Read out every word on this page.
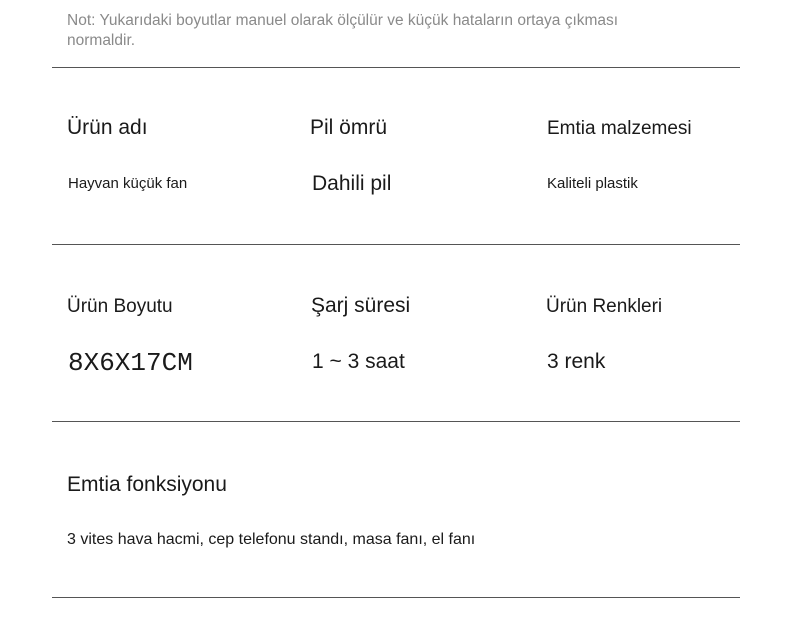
Not: Yukarıdaki boyutlar manuel olarak ölçülür ve küçük hataların ortaya çıkması normaldir.
Ürün adı
Hayvan küçük fan
Pil ömrü
Dahili pil
Emtia malzemesi
Kaliteli plastik
Ürün Boyutu
8X6X17CM
Şarj süresi
1 ~ 3 saat
Ürün Renkleri
3 renk
Emtia fonksiyonu
3 vites hava hacmi, cep telefonu standı, masa fanı, el fanı
